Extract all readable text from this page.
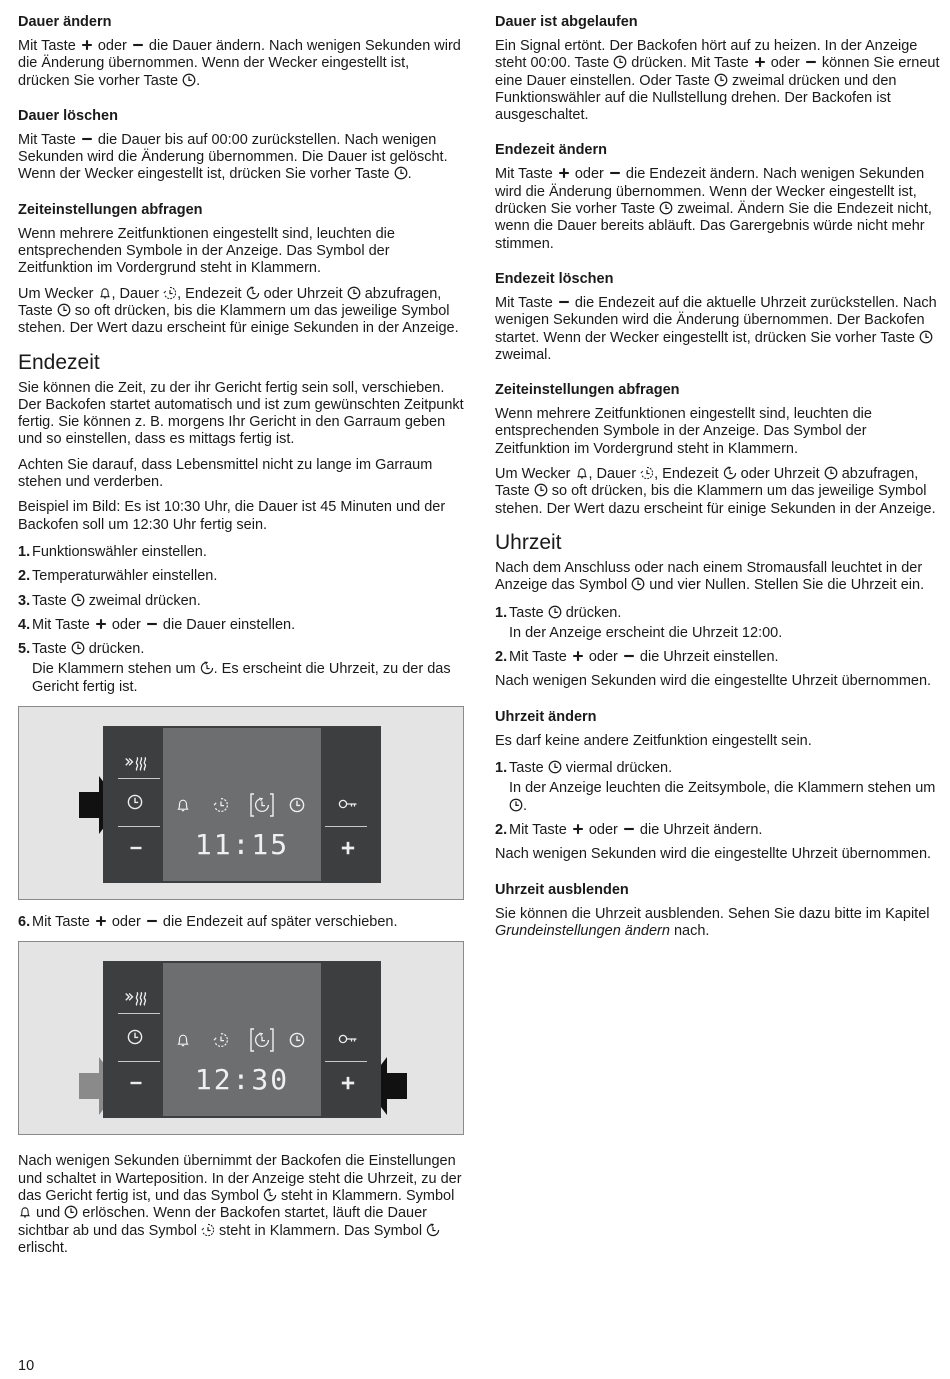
Dauer ändern

Mit Taste oder die Dauer ändern. Nach wenigen Sekunden wird die Änderung übernommen. Wenn der Wecker eingestellt ist, drücken Sie vorher Taste .

Dauer löschen

Mit Taste die Dauer bis auf 00:00 zurückstellen. Nach wenigen Sekunden wird die Änderung übernommen. Die Dauer ist gelöscht. Wenn der Wecker eingestellt ist, drücken Sie vorher Taste .

Zeiteinstellungen abfragen

Wenn mehrere Zeitfunktionen eingestellt sind, leuchten die entsprechenden Symbole in der Anzeige. Das Symbol der Zeitfunktion im Vordergrund steht in Klammern.

Um Wecker , Dauer , Endezeit oder Uhrzeit abzufragen, Taste so oft drücken, bis die Klammern um das jeweilige Symbol stehen. Der Wert dazu erscheint für einige Sekunden in der Anzeige.

Endezeit

Sie können die Zeit, zu der ihr Gericht fertig sein soll, verschieben. Der Backofen startet automatisch und ist zum gewünschten Zeitpunkt fertig. Sie können z. B. morgens Ihr Gericht in den Garraum geben und so einstellen, dass es mittags fertig ist.

Achten Sie darauf, dass Lebensmittel nicht zu lange im Garraum stehen und verderben.

Beispiel im Bild: Es ist 10:30 Uhr, die Dauer ist 45 Minuten und der Backofen soll um 12:30 Uhr fertig sein.

1. Funktionswähler einstellen.
2. Temperaturwähler einstellen.
3. Taste zweimal drücken.
4. Mit Taste oder die Dauer einstellen.
5. Taste drücken.
Die Klammern stehen um . Es erscheint die Uhrzeit, zu der das Gericht fertig ist.
11:15
6. Mit Taste oder die Endezeit auf später verschieben.
12:30

Nach wenigen Sekunden übernimmt der Backofen die Einstellungen und schaltet in Warteposition. In der Anzeige steht die Uhrzeit, zu der das Gericht fertig ist, und das Symbol steht in Klammern. Symbol
und erlöschen. Wenn der Backofen startet, läuft die Dauer sichtbar ab und das Symbol steht in Klammern. Das Symbol
erlischt.

Dauer ist abgelaufen

Ein Signal ertönt. Der Backofen hört auf zu heizen. In der Anzeige steht 00:00. Taste drücken. Mit Taste oder können Sie erneut eine Dauer einstellen. Oder Taste zweimal drücken und den Funktionswähler auf die Nullstellung drehen. Der Backofen ist ausgeschaltet.

Endezeit ändern

Mit Taste oder die Endezeit ändern. Nach wenigen Sekunden wird die Änderung übernommen. Wenn der Wecker eingestellt ist, drücken Sie vorher Taste zweimal. Ändern Sie die Endezeit nicht, wenn die Dauer bereits abläuft. Das Garergebnis würde nicht mehr stimmen.

Endezeit löschen

Mit Taste die Endezeit auf die aktuelle Uhrzeit zurückstellen. Nach wenigen Sekunden wird die Änderung übernommen. Der Backofen startet. Wenn der Wecker eingestellt ist, drücken Sie vorher Taste
zweimal.

Zeiteinstellungen abfragen

Wenn mehrere Zeitfunktionen eingestellt sind, leuchten die entsprechenden Symbole in der Anzeige. Das Symbol der Zeitfunktion im Vordergrund steht in Klammern.

Um Wecker , Dauer , Endezeit oder Uhrzeit abzufragen, Taste so oft drücken, bis die Klammern um das jeweilige Symbol stehen. Der Wert dazu erscheint für einige Sekunden in der Anzeige.

Uhrzeit

Nach dem Anschluss oder nach einem Stromausfall leuchtet in der Anzeige das Symbol und vier Nullen. Stellen Sie die Uhrzeit ein.

1. Taste drücken.
In der Anzeige erscheint die Uhrzeit 12:00.
2. Mit Taste oder die Uhrzeit einstellen.

Nach wenigen Sekunden wird die eingestellte Uhrzeit übernommen.

Uhrzeit ändern

Es darf keine andere Zeitfunktion eingestellt sein.

1. Taste viermal drücken.
In der Anzeige leuchten die Zeitsymbole, die Klammern stehen um
.
2. Mit Taste oder die Uhrzeit ändern.

Nach wenigen Sekunden wird die eingestellte Uhrzeit übernommen.

Uhrzeit ausblenden

Sie können die Uhrzeit ausblenden. Sehen Sie dazu bitte im Kapitel Grundeinstellungen ändern nach.

10
